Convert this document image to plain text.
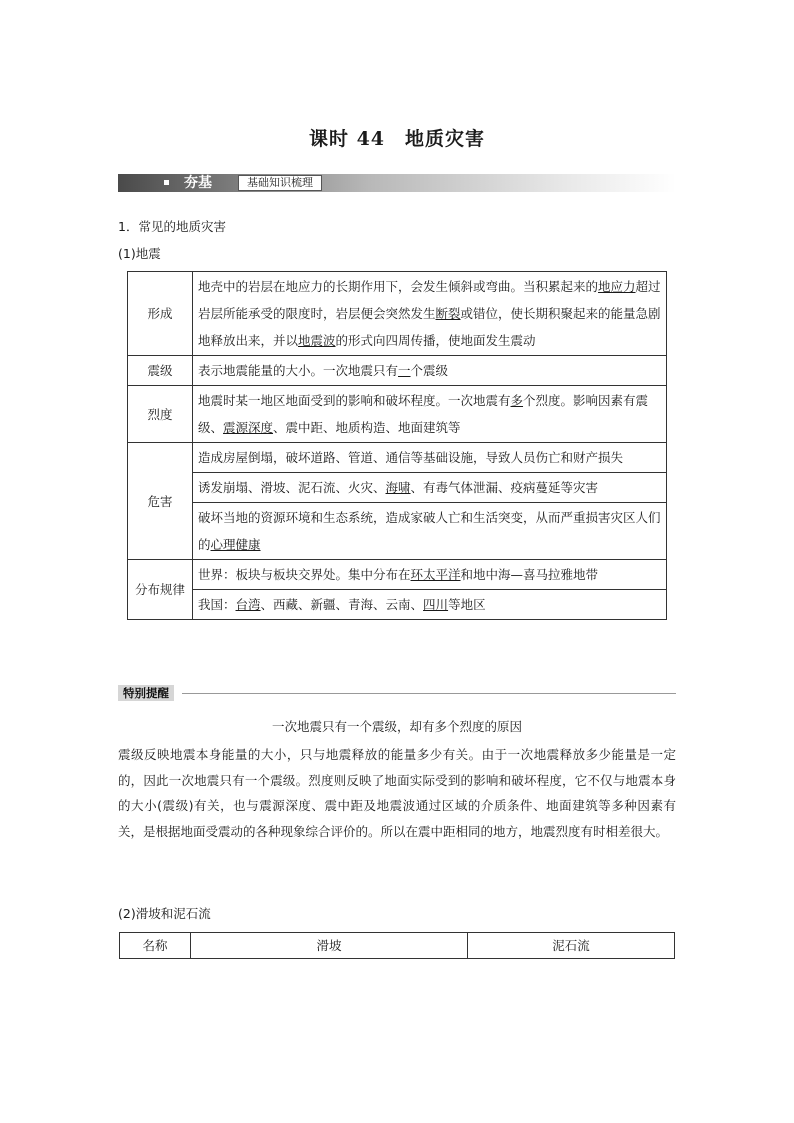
课时 44　地质灾害
夯基	基础知识梳理
1．常见的地质灾害
(1)地震
形成	地壳中的岩层在地应力的长期作用下，会发生倾斜或弯曲。当积累起来的地应力超过岩层所能承受的限度时，岩层便会突然发生断裂或错位，使长期积聚起来的能量急剧地释放出来，并以地震波的形式向四周传播，使地面发生震动
震级	表示地震能量的大小。一次地震只有一个震级
烈度	地震时某一地区地面受到的影响和破坏程度。一次地震有多个烈度。影响因素有震级、震源深度、震中距、地质构造、地面建筑等
危害	造成房屋倒塌，破坏道路、管道、通信等基础设施，导致人员伤亡和财产损失
	诱发崩塌、滑坡、泥石流、火灾、海啸、有毒气体泄漏、疫病蔓延等灾害
	破坏当地的资源环境和生态系统，造成家破人亡和生活突变，从而严重损害灾区人们的心理健康
分布规律	世界：板块与板块交界处。集中分布在环太平洋和地中海—喜马拉雅地带
	我国：台湾、西藏、新疆、青海、云南、四川等地区
特别提醒
一次地震只有一个震级，却有多个烈度的原因
震级反映地震本身能量的大小，只与地震释放的能量多少有关。由于一次地震释放多少能量是一定的，因此一次地震只有一个震级。烈度则反映了地面实际受到的影响和破坏程度，它不仅与地震本身的大小(震级)有关，也与震源深度、震中距及地震波通过区域的介质条件、地面建筑等多种因素有关，是根据地面受震动的各种现象综合评价的。所以在震中距相同的地方，地震烈度有时相差很大。
(2)滑坡和泥石流
名称	滑坡	泥石流
